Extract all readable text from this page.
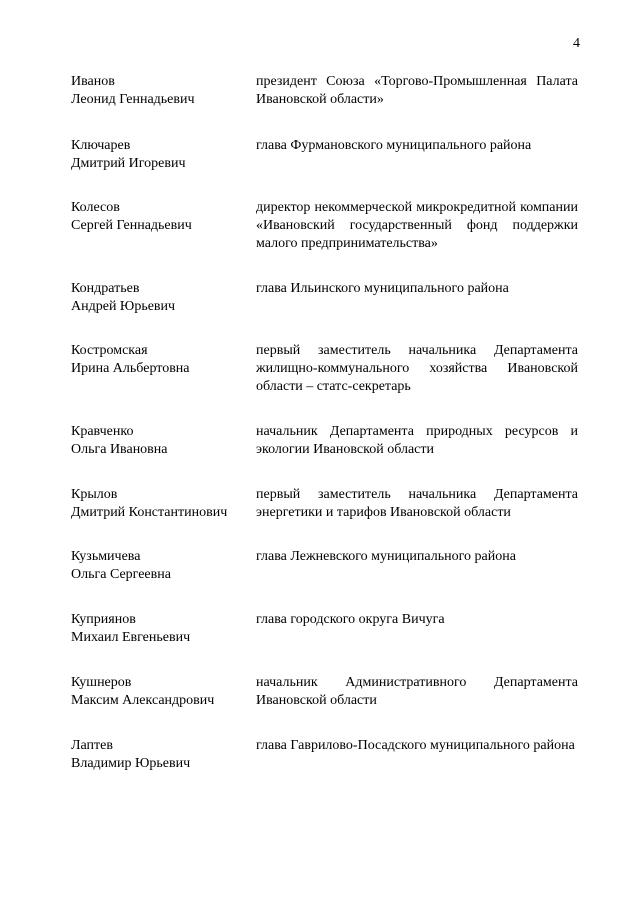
4
Иванов
Леонид Геннадьевич
президент Союза «Торгово-Промышленная Палата Ивановской области»
Ключарев
Дмитрий Игоревич
глава Фурмановского муниципального района
Колесов
Сергей Геннадьевич
директор некоммерческой микрокредитной компании «Ивановский государственный фонд поддержки малого предпринимательства»
Кондратьев
Андрей Юрьевич
глава Ильинского муниципального района
Костромская
Ирина Альбертовна
первый заместитель начальника Департамента жилищно-коммунального хозяйства Ивановской области – статс-секретарь
Кравченко
Ольга Ивановна
начальник Департамента природных ресурсов и экологии Ивановской области
Крылов
Дмитрий Константинович
первый заместитель начальника Департамента энергетики и тарифов Ивановской области
Кузьмичева
Ольга Сергеевна
глава Лежневского муниципального района
Куприянов
Михаил Евгеньевич
глава городского округа Вичуга
Кушнеров
Максим Александрович
начальник Административного Департамента Ивановской области
Лаптев
Владимир Юрьевич
глава Гаврилово-Посадского муниципального района
